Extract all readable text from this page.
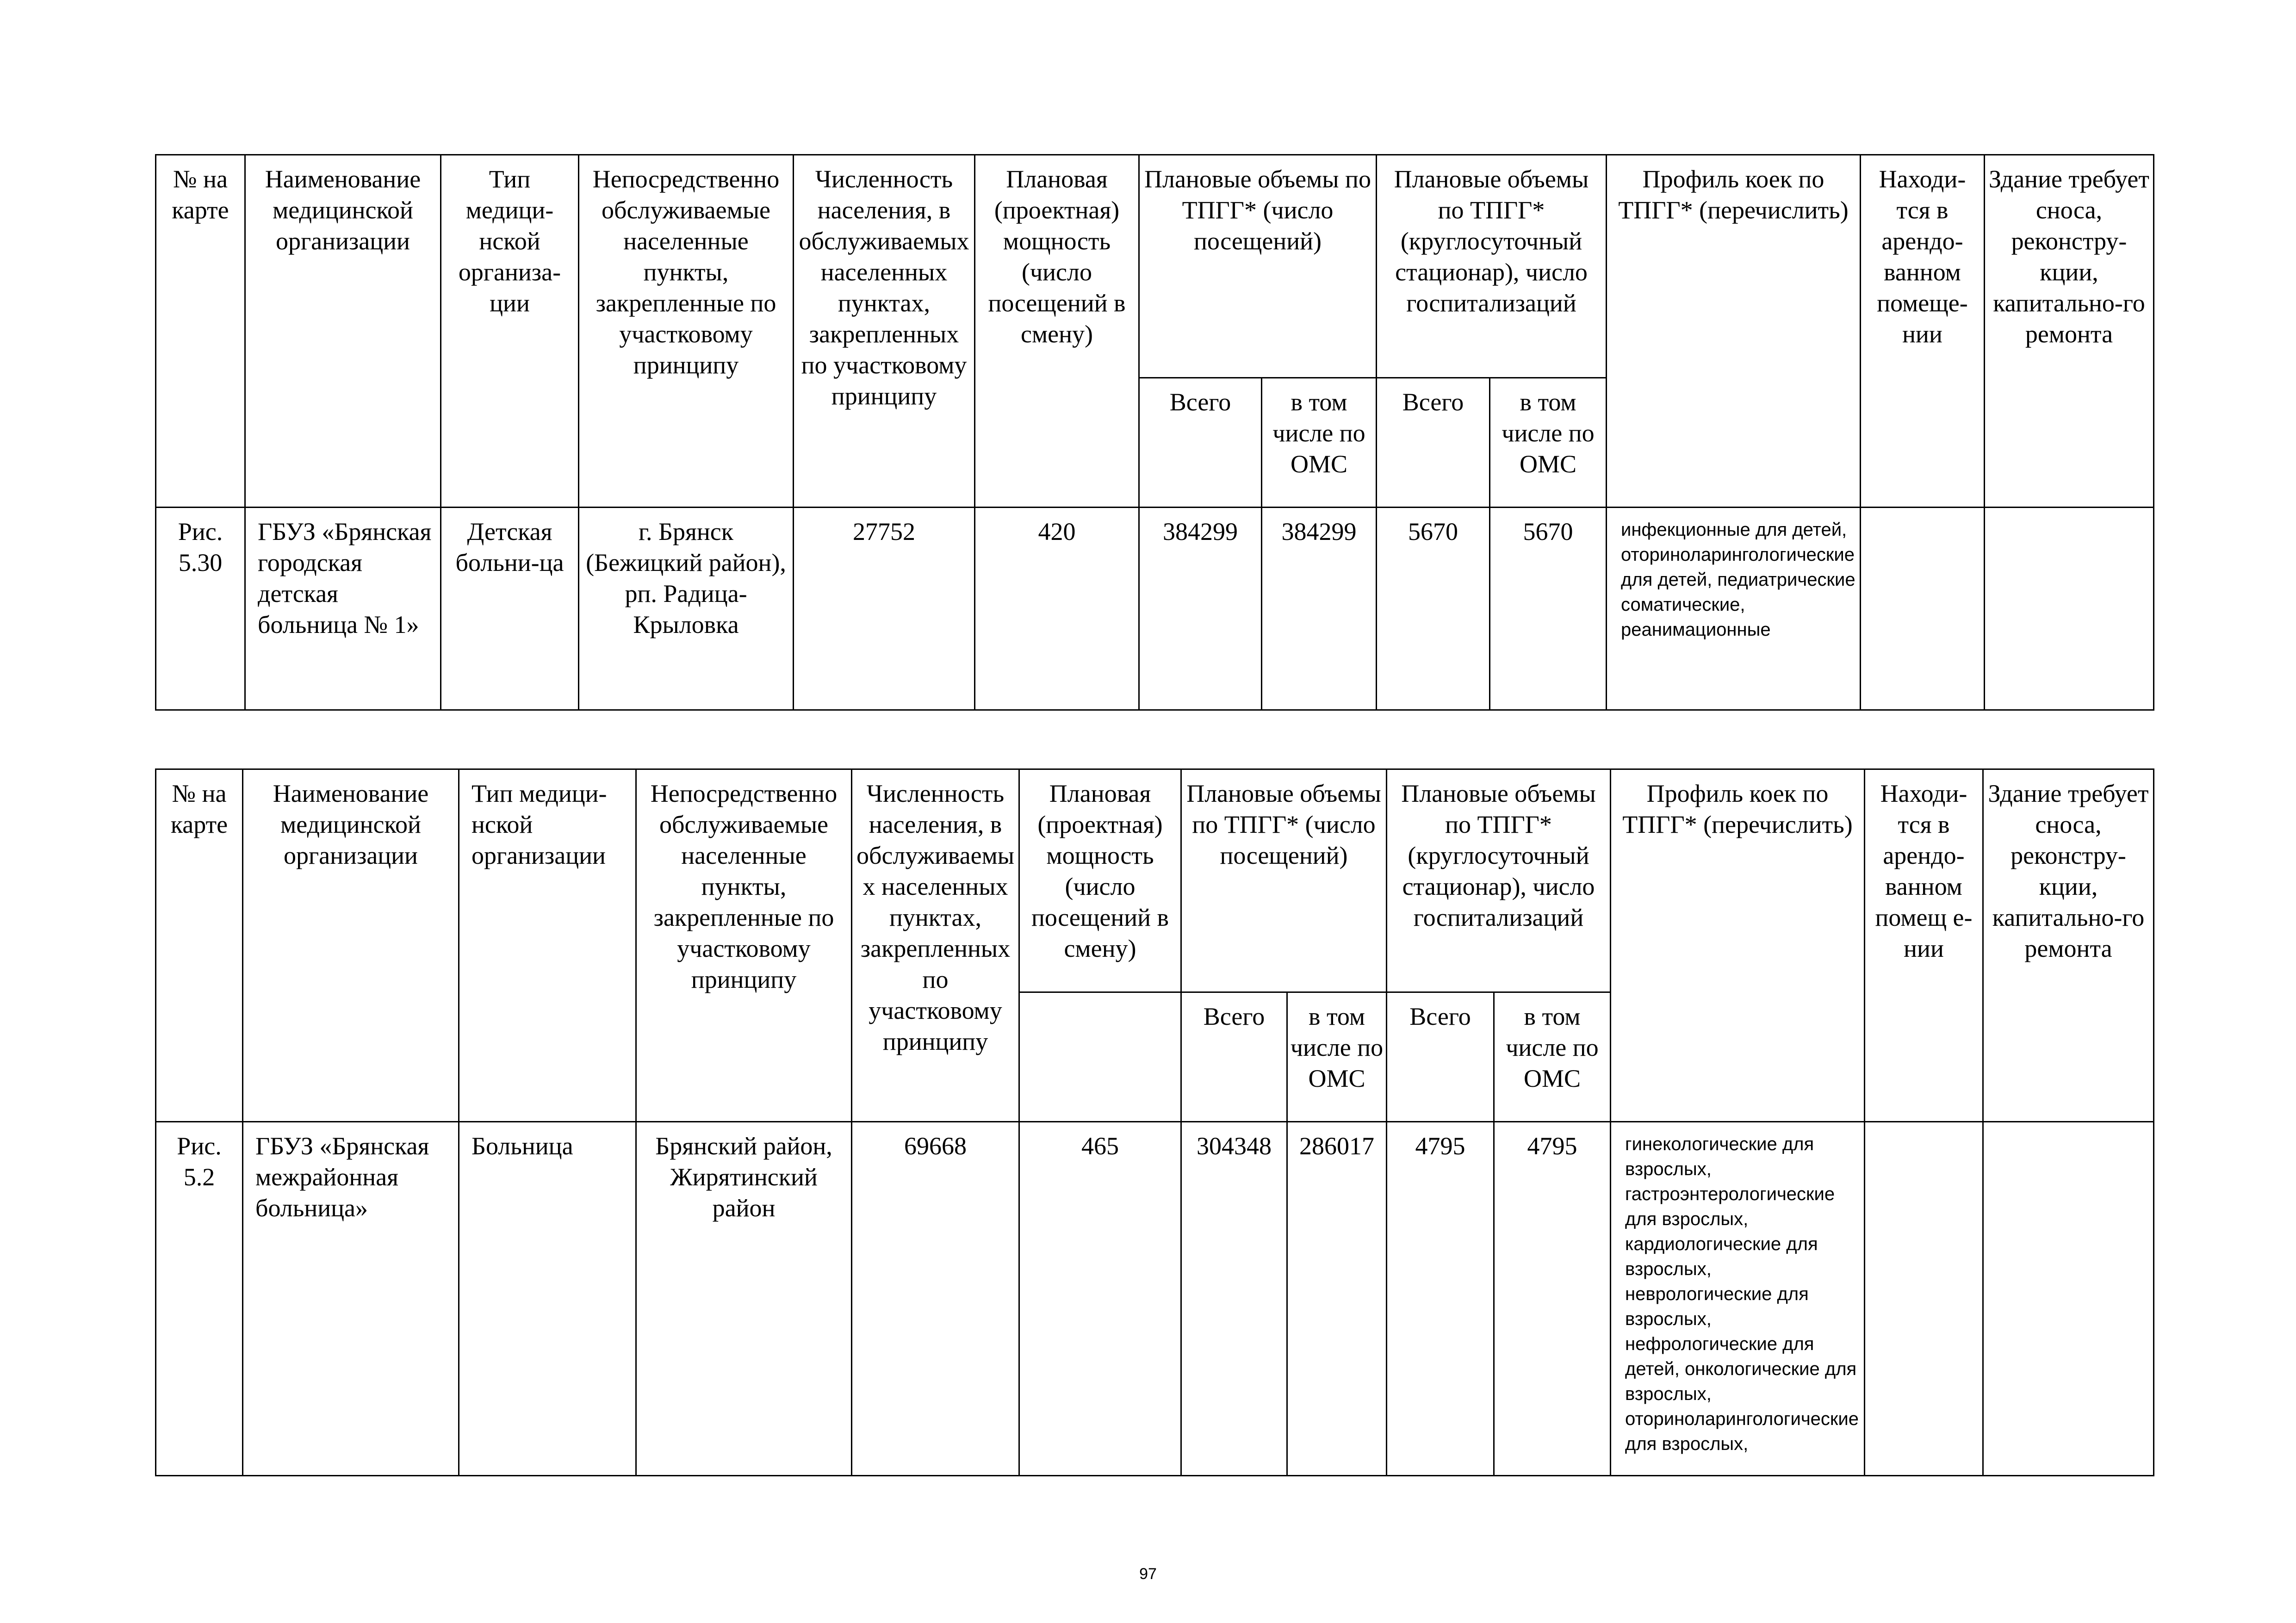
№ на карте	Наименование медицинской организации	Тип медици-нской организа-ции	Непосредственно обслуживаемые населенные пункты, закрепленные по участковому принципу	Численность населения, в обслуживаемых населенных пунктах, закрепленных по участковому принципу	Плановая (проектная) мощность (число посещений в смену)	Плановые объемы по ТПГГ* (число посещений)		Плановые объемы по ТПГГ* (круглосуточный стационар), число госпитализаций		Профиль коек по ТПГГ* (перечислить)	Находи-тся в арендо-ванном помеще-нии	Здание требует сноса, реконстру-кции, капитально-го ремонта
						Всего	в том числе по ОМС	Всего	в том числе по ОМС			
Рис. 5.30	ГБУЗ «Брянская городская детская больница № 1»	Детская больни-ца	г. Брянск (Бежицкий район), рп. Радица-Крыловка	27752	420	384299	384299	5670	5670	инфекционные для детей, оториноларингологические для детей, педиатрические соматические, реанимационные		
№ на карте	Наименование медицинской организации	Тип медици-нской организации	Непосредственно обслуживаемые населенные пункты, закрепленные по участковому принципу	Численность населения, в обслуживаемых населенных пунктах, закрепленных по участковому принципу	Плановая (проектная) мощность (число посещений в смену)	Плановые объемы по ТПГГ* (число посещений)		Плановые объемы по ТПГГ* (круглосуточный стационар), число госпитализаций		Профиль коек по ТПГГ* (перечислить)	Находи-тся в арендо-ванном помещ е-нии	Здание требует сноса, реконстру-кции, капитально-го ремонта
						Всего	в том числе по ОМС	Всего	в том числе по ОМС			
Рис. 5.2	ГБУЗ «Брянская межрайонная больница»	Больница	Брянский район, Жирятинский район	69668	465	304348	286017	4795	4795	гинекологические для взрослых, гастроэнтерологические для взрослых, кардиологические для взрослых, неврологические для взрослых, нефрологические для детей, онкологические для взрослых, оториноларингологические для взрослых,		
97
